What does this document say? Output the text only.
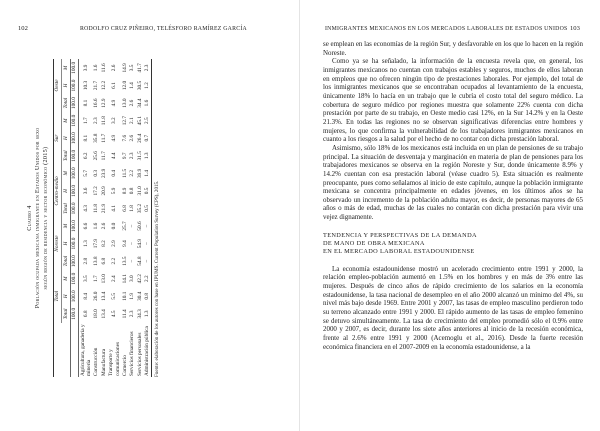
102	RODOLFO CRUZ PIÑEIRO, TELÉSFORO RAMÍREZ GARCÍA
Cuadro 4 Población ocupada mexicana inmigrante en Estados Unidos por sexo según región de residencia y sector económico (2015)
	Total			Noreste			Centro-medio			Sur			Oeste		
	Total	H	M	Total	H	M	Total	H	M	Total	H	M	Total	H	M
	100.0	100.0	100.0	100.0	100.0	100.0	100.0	100.0	100.0	100.0	100.0	100.0	100.0	100.0	100.0
Agricultura, ganadería y minería	6.8	8.4	3.5	2.8	1.3	6.6	4.3	3.6	5.7	6.2	8.1	1.7	8.1	10.3	3.9
Construcción	18.0	26.0	1.7	13.8	17.9	1.6	11.8	17.2	0.3	25.6	35.8	2.3	16.6	21.7	1.6
Manufactura	13.4	13.4	13.0	6.8	8.2	2.6	21.9	20.9	23.9	11.7	11.7	11.8	12.9	12.2	11.6
Transporte y comunicaciones	4.5	5.5	2.4	2.2	2.9	0.0	4.1	5.9	0.4	4.4	4.9	3.2	4.9	6.1	2.6
Comercio	11.4	10.1	14.1	13.5	9.4	25.7	6.8	8.9	11.5	9.7	7.6	12.7	13.0	12.0	14.9
Servicios financieros	2.3	1.9	3.0	–	–	–	1.8	0.8	2.2	2.3	2.6	2.1	2.6	1.4	3.5
Servicios personales	34.3	30.4	42.2	54.8	54.9	50.6	35.2	31.0	39.9	31.5	26.4	45.1	34.4	30.5	41.7
Administración pública	1.3	0.8	2.2	–	–	–	0.5	0.5	1.4	1.3	0.7	2.5	1.6	1.2	2.3
Fuente: elaboración de los autores con base en IPUMS. Current Population Survey (CPS), 2015.
INMIGRANTES MEXICANOS EN LOS MERCADOS LABORALES DE ESTADOS UNIDOS 103

se emplean en las economías de la región Sur, y desfavorable en los que lo hacen en la región Noreste.

Como ya se ha señalado, la información de la encuesta revela que, en general, los inmigrantes mexicanos no cuentan con trabajos estables y seguros, muchos de ellos laboran en empleos que no ofrecen ningún tipo de prestaciones laborales. Por ejemplo, del total de los inmigrantes mexicanos que se encontraban ocupados al levantamiento de la encuesta, únicamente 18% lo hacía en un trabajo que le cubría el costo total del seguro médico. La cobertura de seguro médico por regiones muestra que solamente 22% cuenta con dicha prestación por parte de su trabajo, en Oeste medio casi 12%, en la Sur 14.2% y en la Oeste 21.3%. En todas las regiones no se observan significativas diferencias entre hombres y mujeres, lo que confirma la vulnerabilidad de los trabajadores inmigrantes mexicanos en cuanto a los riesgos a la salud por el hecho de no contar con dicha prestación laboral.

Asimismo, sólo 18% de los mexicanos está incluida en un plan de pensiones de su trabajo principal. La situación de desventaja y marginación en materia de plan de pensiones para los trabajadores mexicanos se observa en la región Noreste y Sur, donde únicamente 8.9% y 14.2% cuentan con esa prestación laboral (véase cuadro 5). Esta situación es realmente preocupante, pues como señalamos al inicio de este capítulo, aunque la población inmigrante mexicana se concentra principalmente en edades jóvenes, en los últimos años se ha observado un incremento de la población adulta mayor, es decir, de personas mayores de 65 años o más de edad, muchas de las cuales no contarán con dicha prestación para vivir una vejez dignamente.

TENDENCIA Y PERSPECTIVAS DE LA DEMANDA
DE MANO DE OBRA MEXICANA
EN EL MERCADO LABORAL ESTADOUNIDENSE

La economía estadounidense mostró un acelerado crecimiento entre 1991 y 2000, la relación empleo-población aumentó en 1.5% en los hombres y en más de 3% entre las mujeres. Después de cinco años de rápido crecimiento de los salarios en la economía estadounidense, la tasa nacional de desempleo en el año 2000 alcanzó un mínimo del 4%, su nivel más bajo desde 1969. Entre 2001 y 2007, las tasas de empleo masculino perdieron todo su terreno alcanzado entre 1991 y 2000. El rápido aumento de las tasas de empleo femenino se detuvo simultáneamente. La tasa de crecimiento del empleo promedió sólo el 0.9% entre 2000 y 2007, es decir, durante los siete años anteriores al inicio de la recesión económica, frente al 2.6% entre 1991 y 2000 (Acemoglu et al., 2016). Desde la fuerte recesión económica financiera en el 2007-2009 en la economía estadounidense, a la
